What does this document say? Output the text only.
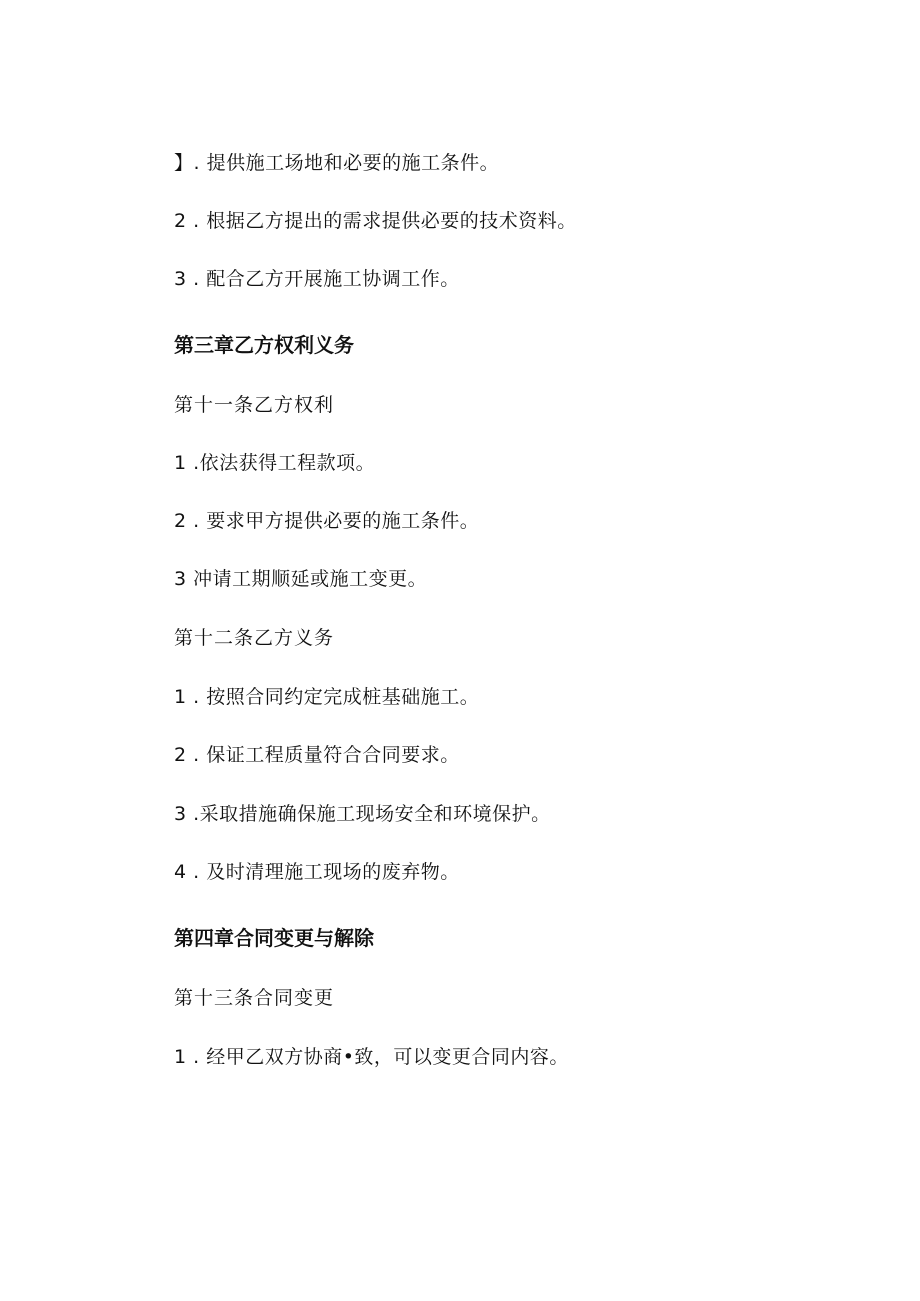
】. 提供施工场地和必要的施工条件。
2 . 根据乙方提出的需求提供必要的技术资料。
3 . 配合乙方开展施工协调工作。
第三章乙方权利义务
第十一条乙方权利
1 .依法获得工程款项。
2 . 要求甲方提供必要的施工条件。
3 冲请工期顺延或施工变更。
第十二条乙方义务
1 . 按照合同约定完成桩基础施工。
2 . 保证工程质量符合合同要求。
3 .采取措施确保施工现场安全和环境保护。
4 . 及时清理施工现场的废弃物。
第四章合同变更与解除
第十三条合同变更
1 . 经甲乙双方协商•致，可以变更合同内容。
